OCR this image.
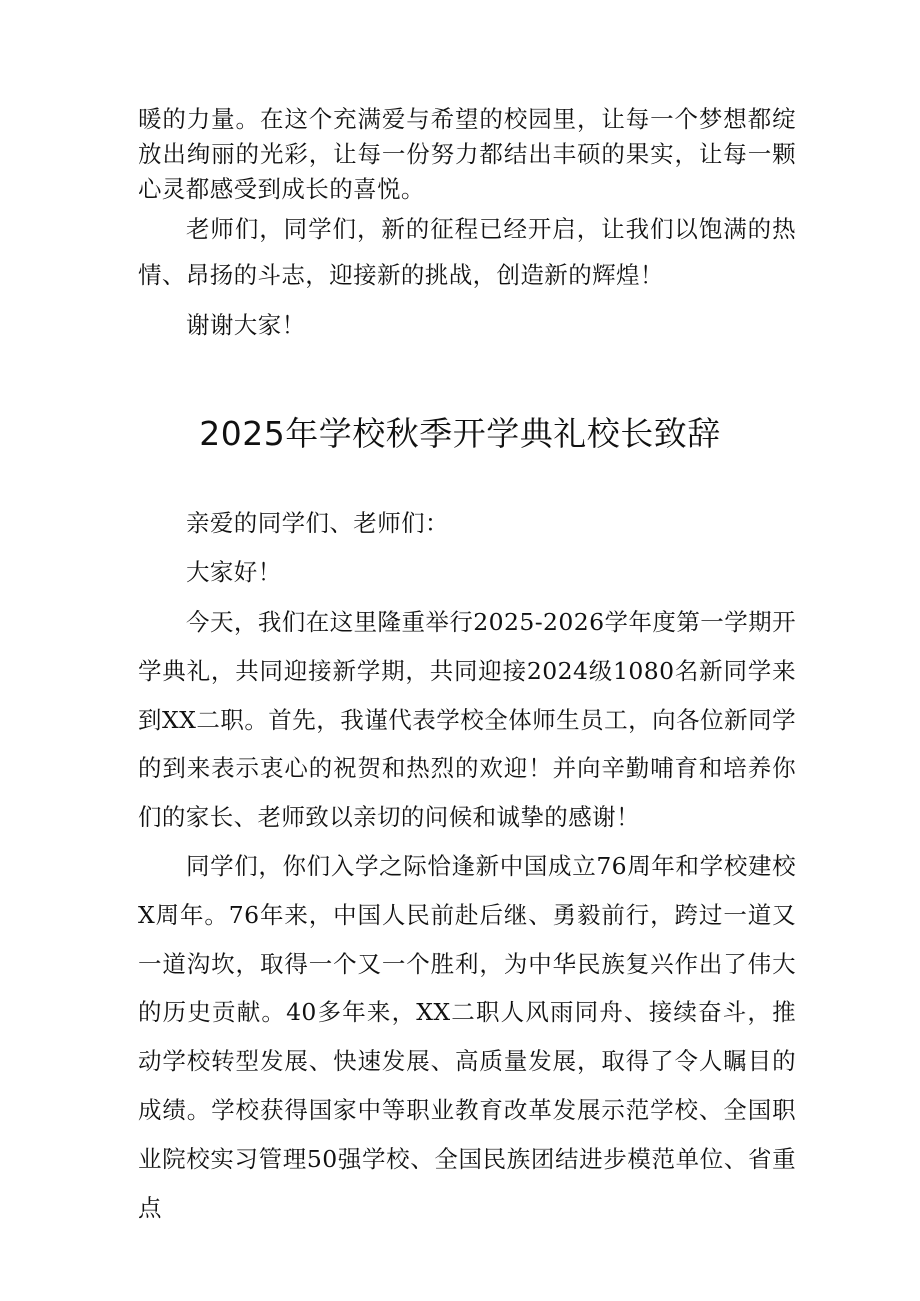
暖的力量。在这个充满爱与希望的校园里，让每一个梦想都绽放出绚丽的光彩，让每一份努力都结出丰硕的果实，让每一颗心灵都感受到成长的喜悦。

老师们，同学们，新的征程已经开启，让我们以饱满的热情、昂扬的斗志，迎接新的挑战，创造新的辉煌！

谢谢大家！

2025年学校秋季开学典礼校长致辞

亲爱的同学们、老师们：

大家好！

今天，我们在这里隆重举行2025-2026学年度第一学期开学典礼，共同迎接新学期，共同迎接2024级1080名新同学来到XX二职。首先，我谨代表学校全体师生员工，向各位新同学的到来表示衷心的祝贺和热烈的欢迎！并向辛勤哺育和培养你们的家长、老师致以亲切的问候和诚挚的感谢！

同学们，你们入学之际恰逢新中国成立76周年和学校建校X周年。76年来，中国人民前赴后继、勇毅前行，跨过一道又一道沟坎，取得一个又一个胜利，为中华民族复兴作出了伟大的历史贡献。40多年来，XX二职人风雨同舟、接续奋斗，推动学校转型发展、快速发展、高质量发展，取得了令人瞩目的成绩。学校获得国家中等职业教育改革发展示范学校、全国职业院校实习管理50强学校、全国民族团结进步模范单位、省重点
